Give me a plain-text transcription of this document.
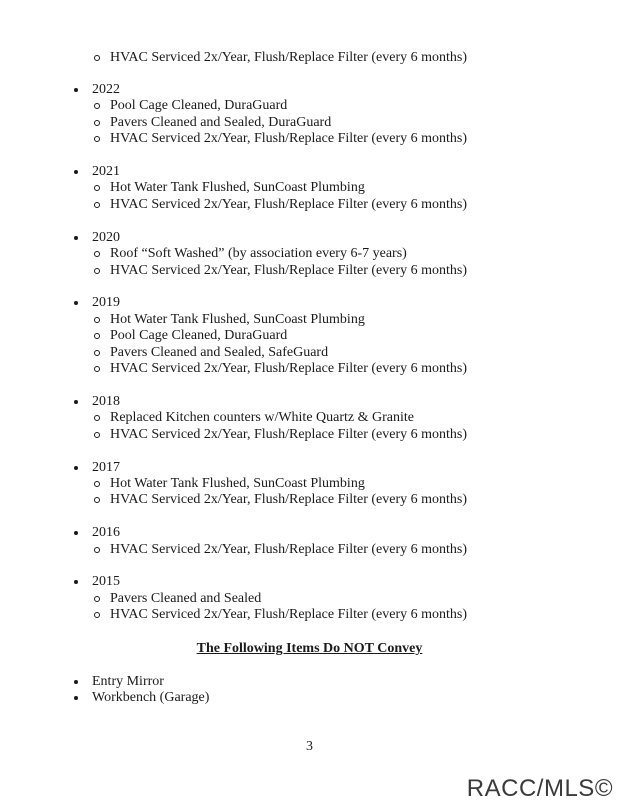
HVAC Serviced 2x/Year, Flush/Replace Filter (every 6 months)
2022
Pool Cage Cleaned, DuraGuard
Pavers Cleaned and Sealed, DuraGuard
HVAC Serviced 2x/Year, Flush/Replace Filter (every 6 months)
2021
Hot Water Tank Flushed, SunCoast Plumbing
HVAC Serviced 2x/Year, Flush/Replace Filter (every 6 months)
2020
Roof “Soft Washed” (by association every 6-7 years)
HVAC Serviced 2x/Year, Flush/Replace Filter (every 6 months)
2019
Hot Water Tank Flushed, SunCoast Plumbing
Pool Cage Cleaned, DuraGuard
Pavers Cleaned and Sealed, SafeGuard
HVAC Serviced 2x/Year, Flush/Replace Filter (every 6 months)
2018
Replaced Kitchen counters w/White Quartz & Granite
HVAC Serviced 2x/Year, Flush/Replace Filter (every 6 months)
2017
Hot Water Tank Flushed, SunCoast Plumbing
HVAC Serviced 2x/Year, Flush/Replace Filter (every 6 months)
2016
HVAC Serviced 2x/Year, Flush/Replace Filter (every 6 months)
2015
Pavers Cleaned and Sealed
HVAC Serviced 2x/Year, Flush/Replace Filter (every 6 months)
The Following Items Do NOT Convey
Entry Mirror
Workbench (Garage)
3
RACC/MLS©
